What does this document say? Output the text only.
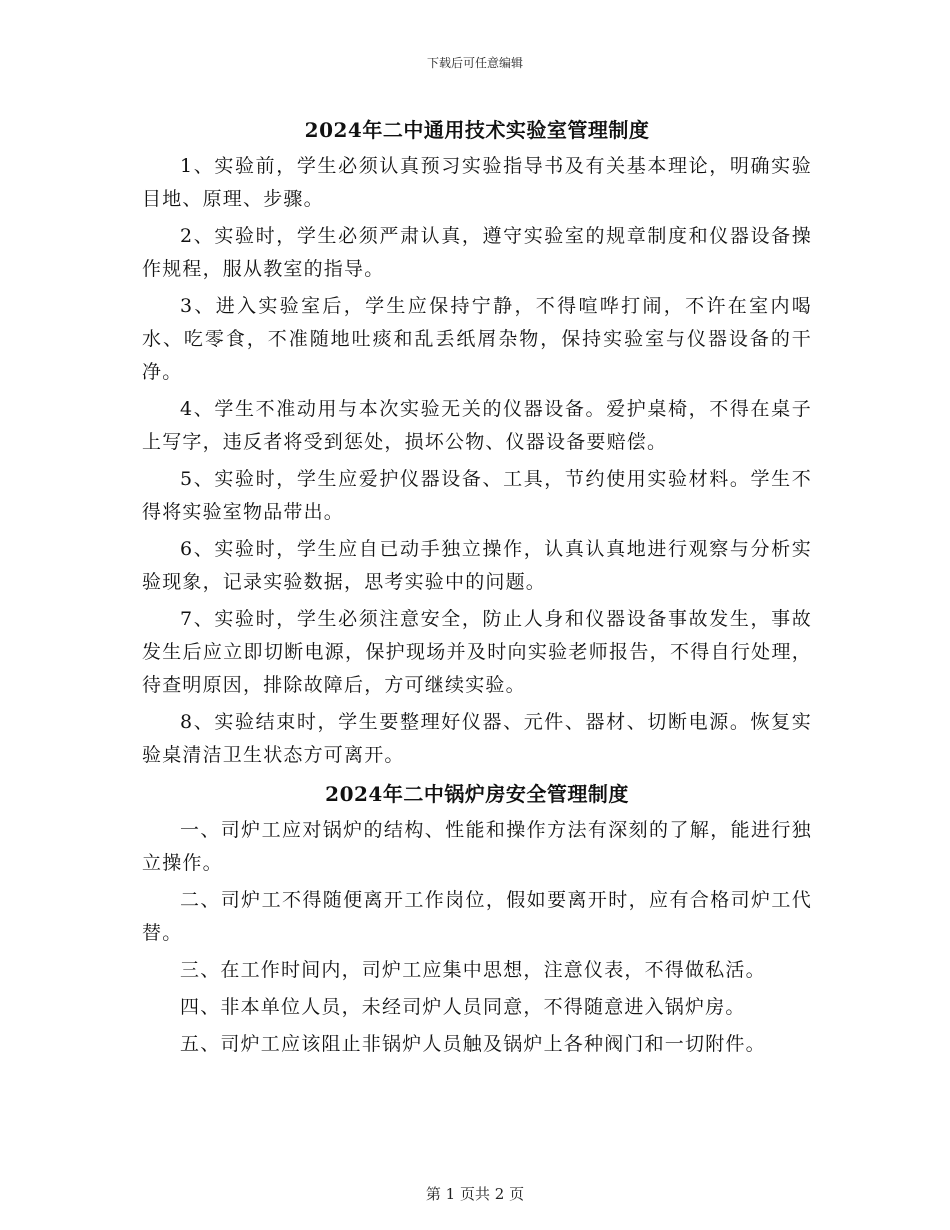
下载后可任意编辑
2024年二中通用技术实验室管理制度

1、实验前，学生必须认真预习实验指导书及有关基本理论，明确实验目地、原理、步骤。

2、实验时，学生必须严肃认真，遵守实验室的规章制度和仪器设备操作规程，服从教室的指导。

3、进入实验室后，学生应保持宁静，不得喧哗打闹，不许在室内喝水、吃零食，不准随地吐痰和乱丢纸屑杂物，保持实验室与仪器设备的干净。

4、学生不准动用与本次实验无关的仪器设备。爱护桌椅，不得在桌子上写字，违反者将受到惩处，损坏公物、仪器设备要赔偿。

5、实验时，学生应爱护仪器设备、工具，节约使用实验材料。学生不得将实验室物品带出。

6、实验时，学生应自已动手独立操作，认真认真地进行观察与分析实验现象，记录实验数据，思考实验中的问题。

7、实验时，学生必须注意安全，防止人身和仪器设备事故发生，事故发生后应立即切断电源，保护现场并及时向实验老师报告，不得自行处理，待查明原因，排除故障后，方可继续实验。

8、实验结束时，学生要整理好仪器、元件、器材、切断电源。恢复实验桌清洁卫生状态方可离开。

2024年二中锅炉房安全管理制度

一、司炉工应对锅炉的结构、性能和操作方法有深刻的了解，能进行独立操作。

二、司炉工不得随便离开工作岗位，假如要离开时，应有合格司炉工代替。

三、在工作时间内，司炉工应集中思想，注意仪表，不得做私活。

四、非本单位人员，未经司炉人员同意，不得随意进入锅炉房。

五、司炉工应该阻止非锅炉人员触及锅炉上各种阀门和一切附件。

第 1 页共 2 页
